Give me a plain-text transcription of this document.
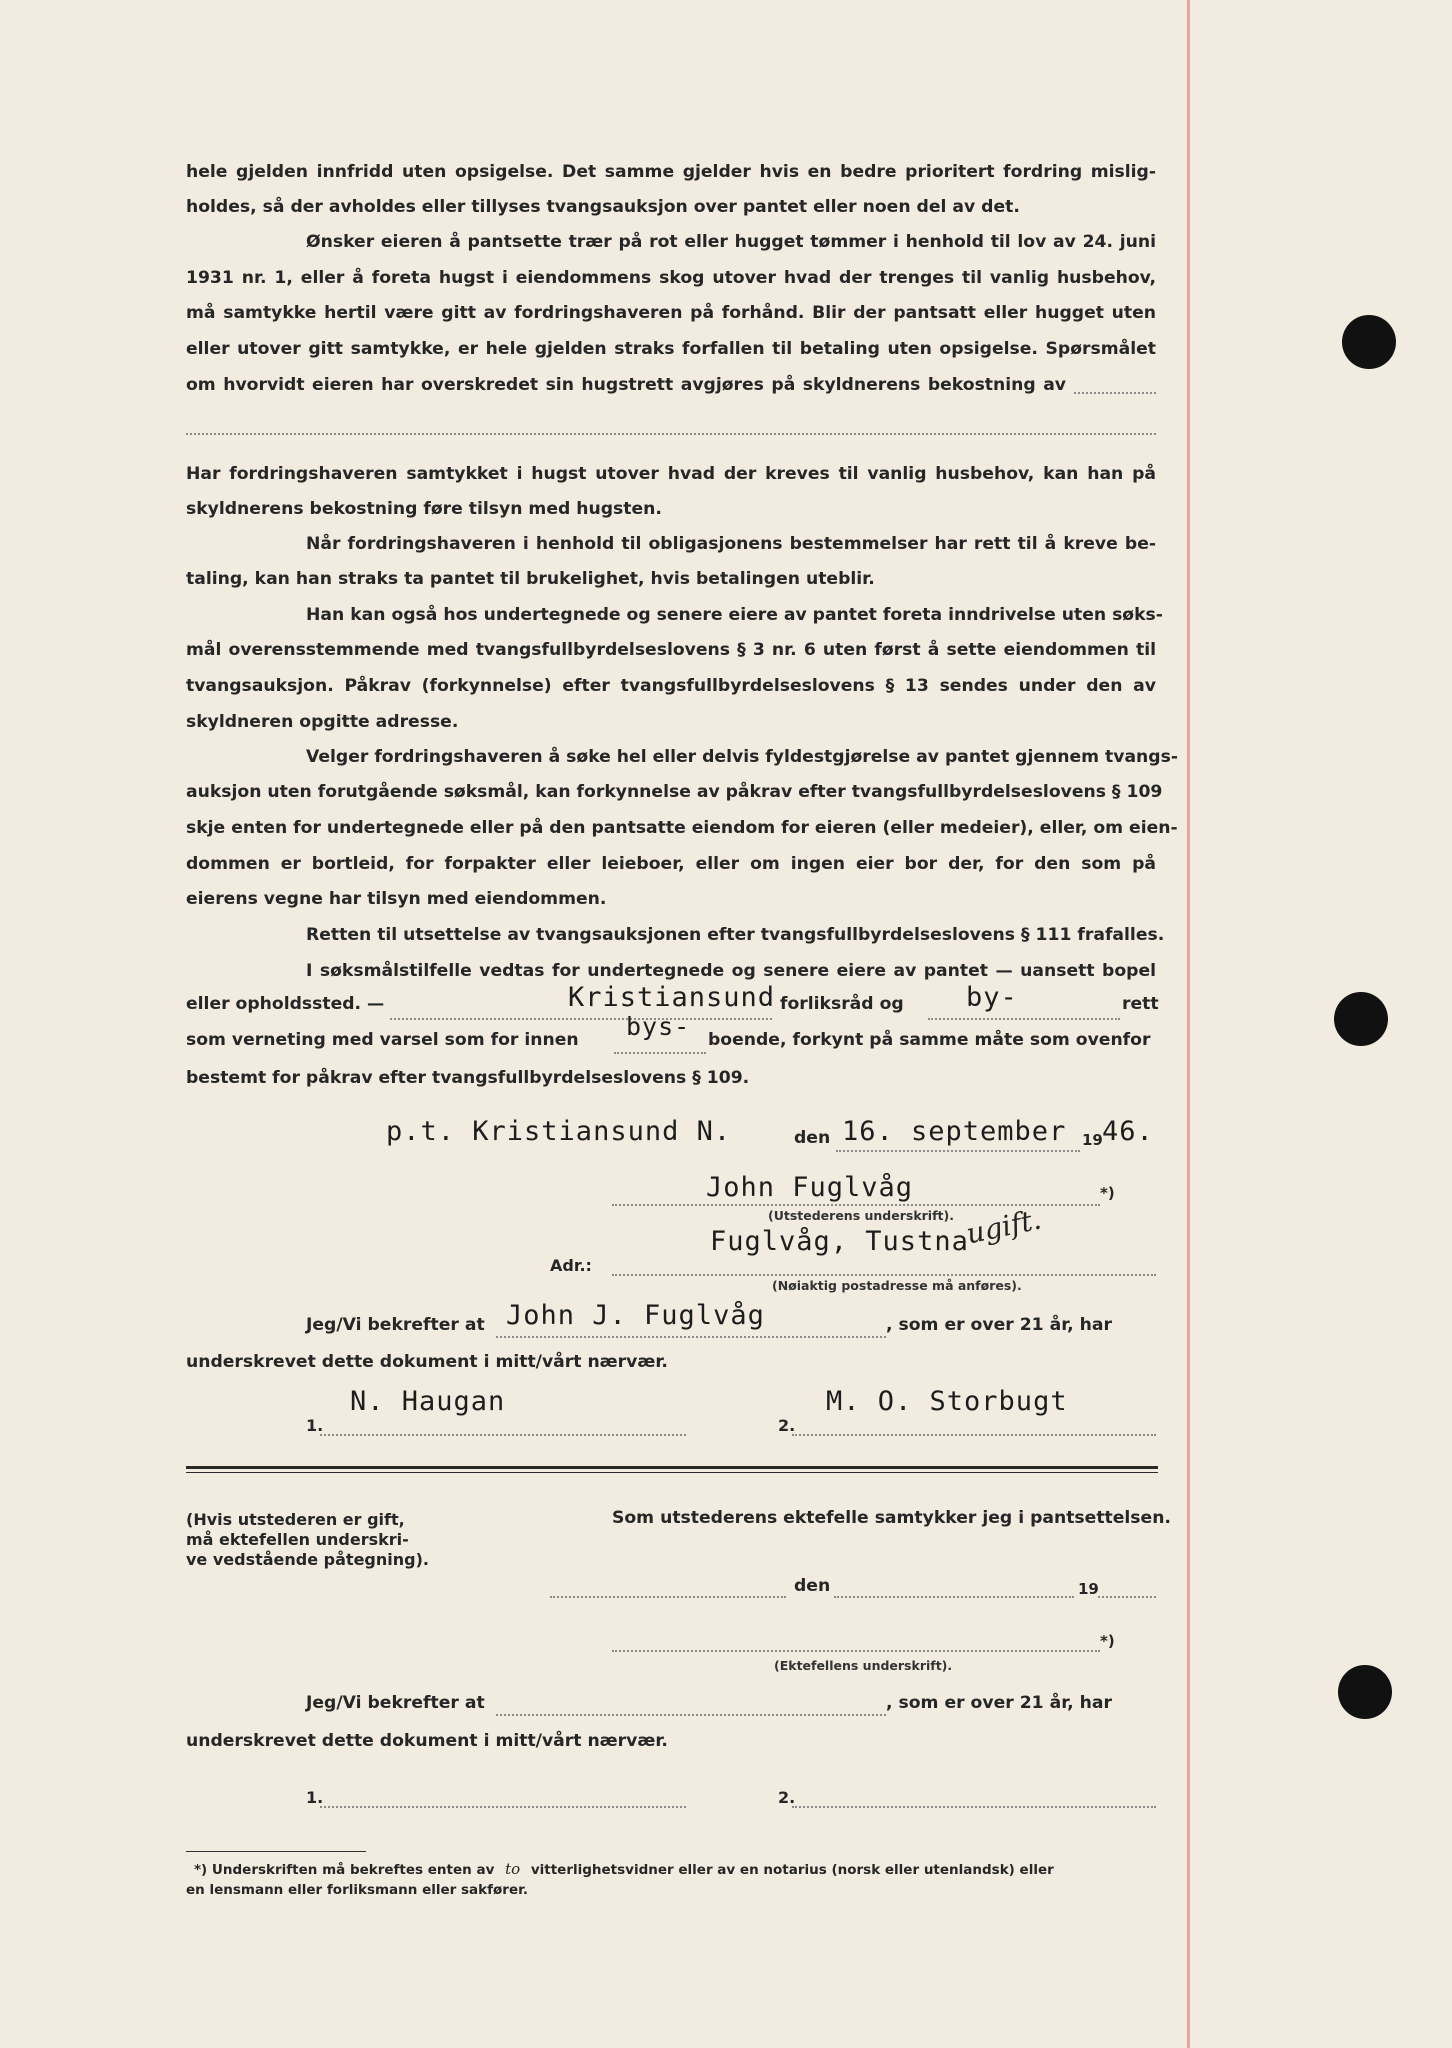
hele gjelden innfridd uten opsigelse. Det samme gjelder hvis en bedre prioritert fordring mislig-
holdes, så der avholdes eller tillyses tvangsauksjon over pantet eller noen del av det.
Ønsker eieren å pantsette trær på rot eller hugget tømmer i henhold til lov av 24. juni
1931 nr. 1, eller å foreta hugst i eiendommens skog utover hvad der trenges til vanlig husbehov,
må samtykke hertil være gitt av fordringshaveren på forhånd. Blir der pantsatt eller hugget uten
eller utover gitt samtykke, er hele gjelden straks forfallen til betaling uten opsigelse. Spørsmålet
om hvorvidt eieren har overskredet sin hugstrett avgjøres på skyldnerens bekostning av
Har fordringshaveren samtykket i hugst utover hvad der kreves til vanlig husbehov, kan han på
skyldnerens bekostning føre tilsyn med hugsten.
Når fordringshaveren i henhold til obligasjonens bestemmelser har rett til å kreve be-
taling, kan han straks ta pantet til brukelighet, hvis betalingen uteblir.
Han kan også hos undertegnede og senere eiere av pantet foreta inndrivelse uten søks-
mål overensstemmende med tvangsfullbyrdelseslovens § 3 nr. 6 uten først å sette eiendommen til
tvangsauksjon. Påkrav (forkynnelse) efter tvangsfullbyrdelseslovens § 13 sendes under den av
skyldneren opgitte adresse.
Velger fordringshaveren å søke hel eller delvis fyldestgjørelse av pantet gjennem tvangs-
auksjon uten forutgående søksmål, kan forkynnelse av påkrav efter tvangsfullbyrdelseslovens § 109
skje enten for undertegnede eller på den pantsatte eiendom for eieren (eller medeier), eller, om eien-
dommen er bortleid, for forpakter eller leieboer, eller om ingen eier bor der, for den som på
eierens vegne har tilsyn med eiendommen.
Retten til utsettelse av tvangsauksjonen efter tvangsfullbyrdelseslovens § 111 frafalles.
I søksmålstilfelle vedtas for undertegnede og senere eiere av pantet — uansett bopel
eller opholdssted. —	Kristiansund forliksråd og by-	rett
som verneting med varsel som for innen bys- boende, forkynt på samme måte som ovenfor
bestemt for påkrav efter tvangsfullbyrdelseslovens § 109.
p.t. Kristiansund N.	den 16. september 19 46.
John Fuglvåg	*)
(Utstederens underskrift).
Adr.:
Fuglvåg, Tustna
ugift.
(Nøiaktig postadresse må anføres).
Jeg/Vi bekrefter at John J. Fuglvåg	, som er over 21 år, har
underskrevet dette dokument i mitt/vårt nærvær.
1.
N. Haugan
2.
M. O. Storbugt
(Hvis utstederen er gift,
må ektefellen underskri-
ve vedstående påtegning).
Som utstederens ektefelle samtykker jeg i pantsettelsen.
den	19
*)
(Ektefellens underskrift).
Jeg/Vi bekrefter at	, som er over 21 år, har
underskrevet dette dokument i mitt/vårt nærvær.
1.	2.
*) Underskriften må bekreftes enten av to vitterlighetsvidner eller av en notarius (norsk eller utenlandsk) eller
en lensmann eller forliksmann eller sakfører.
